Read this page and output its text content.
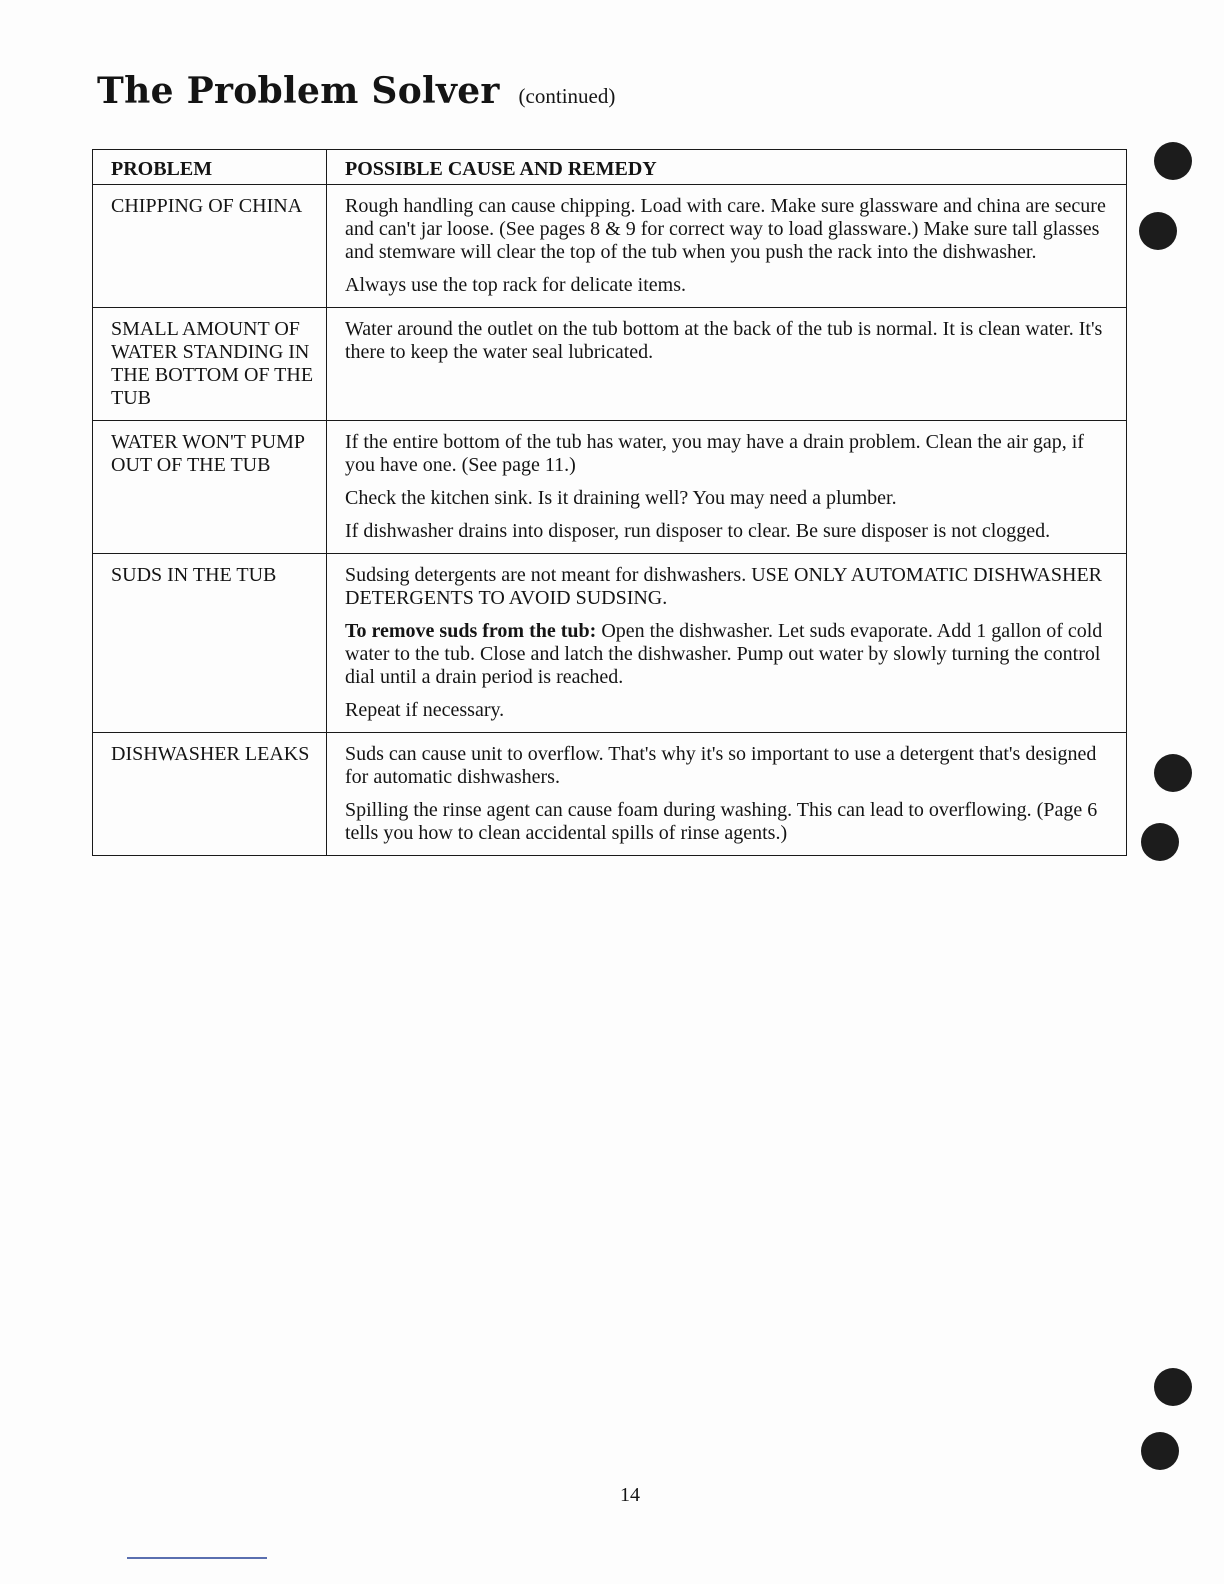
The Problem Solver (continued)
PROBLEM	POSSIBLE CAUSE AND REMEDY
CHIPPING OF CHINA	Rough handling can cause chipping. Load with care. Make sure glassware and china are secure and can't jar loose. (See pages 8 & 9 for correct way to load glassware.) Make sure tall glasses and stemware will clear the top of the tub when you push the rack into the dishwasher.

Always use the top rack for delicate items.

SMALL AMOUNT OF WATER STANDING IN THE BOTTOM OF THE TUB	Water around the outlet on the tub bottom at the back of the tub is normal. It is clean water. It's there to keep the water seal lubricated.

WATER WON'T PUMP OUT OF THE TUB	If the entire bottom of the tub has water, you may have a drain problem. Clean the air gap, if you have one. (See page 11.)

Check the kitchen sink. Is it draining well? You may need a plumber.

If dishwasher drains into disposer, run disposer to clear. Be sure disposer is not clogged.

SUDS IN THE TUB	Sudsing detergents are not meant for dishwashers. USE ONLY AUTOMATIC DISHWASHER DETERGENTS TO AVOID SUDSING.

To remove suds from the tub: Open the dishwasher. Let suds evaporate. Add 1 gallon of cold water to the tub. Close and latch the dishwasher. Pump out water by slowly turning the control dial until a drain period is reached.

Repeat if necessary.

DISHWASHER LEAKS	Suds can cause unit to overflow. That's why it's so important to use a detergent that's designed for automatic dishwashers.

Spilling the rinse agent can cause foam during washing. This can lead to overflowing. (Page 6 tells you how to clean accidental spills of rinse agents.)

14
